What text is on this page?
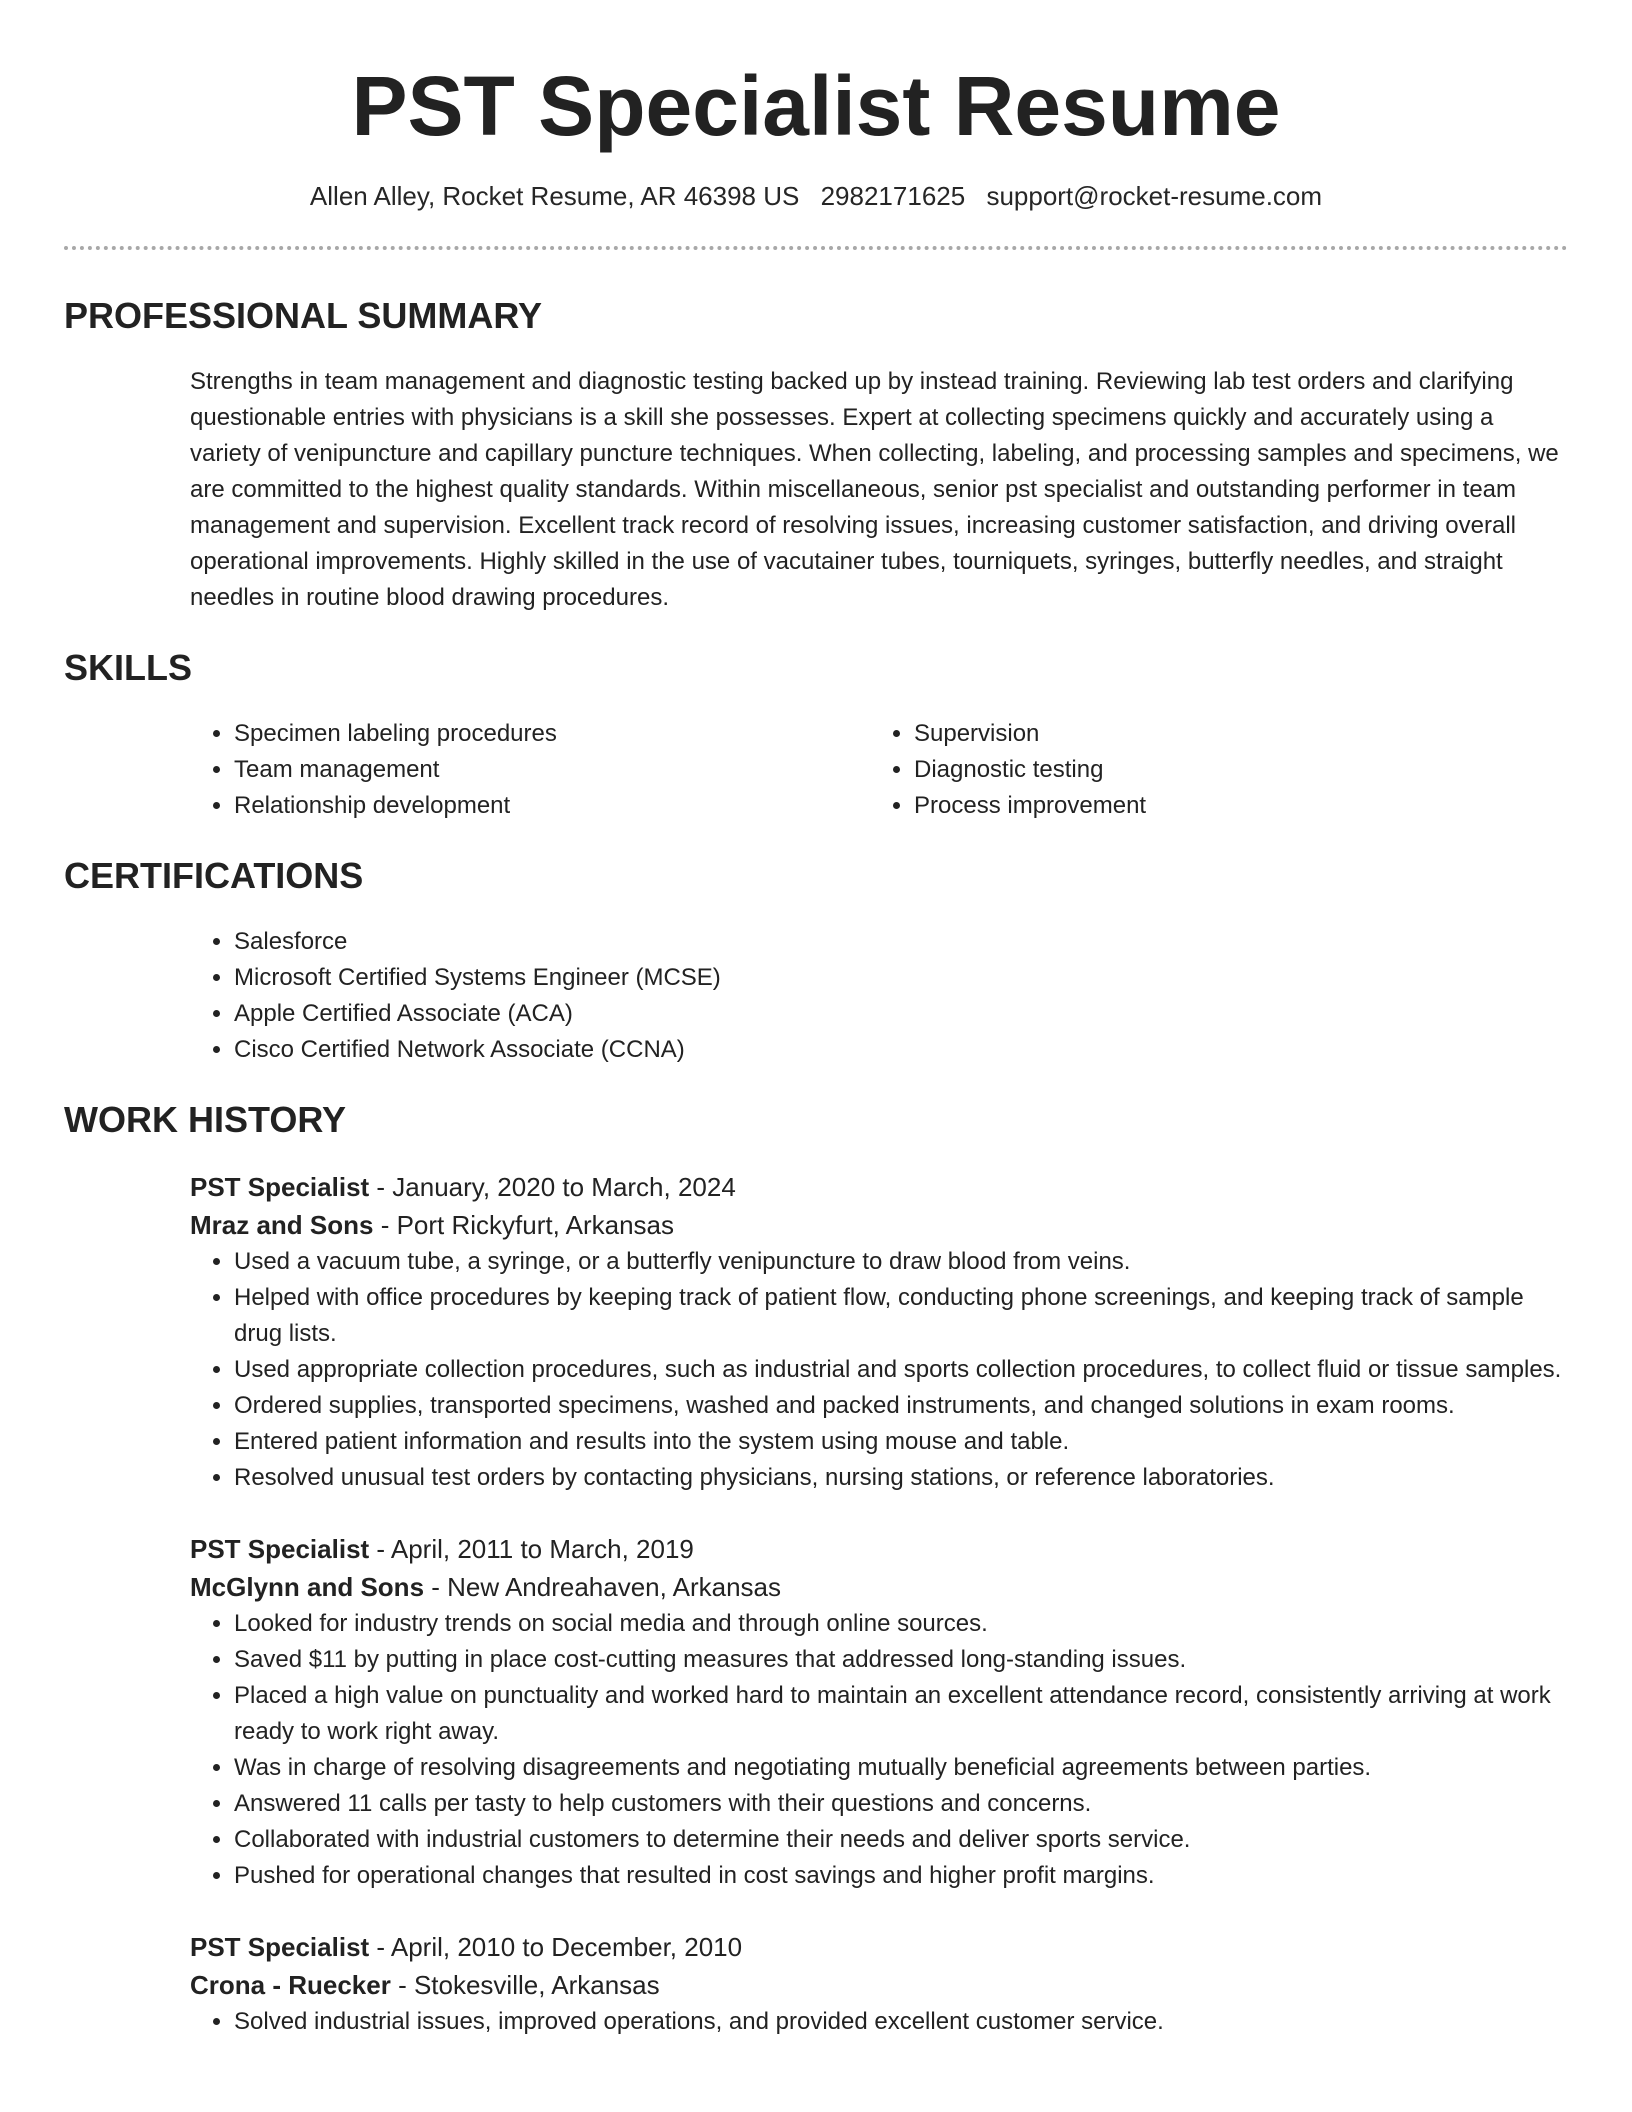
PST Specialist Resume
Allen Alley, Rocket Resume, AR 46398 US 2982171625 support@rocket-resume.com
PROFESSIONAL SUMMARY

Strengths in team management and diagnostic testing backed up by instead training. Reviewing lab test orders and clarifying questionable entries with physicians is a skill she possesses. Expert at collecting specimens quickly and accurately using a variety of venipuncture and capillary puncture techniques. When collecting, labeling, and processing samples and specimens, we are committed to the highest quality standards. Within miscellaneous, senior pst specialist and outstanding performer in team management and supervision. Excellent track record of resolving issues, increasing customer satisfaction, and driving overall operational improvements. Highly skilled in the use of vacutainer tubes, tourniquets, syringes, butterfly needles, and straight needles in routine blood drawing procedures.

SKILLS
• Specimen labeling procedures
• Team management
• Relationship development
• Supervision
• Diagnostic testing
• Process improvement
CERTIFICATIONS
• Salesforce
• Microsoft Certified Systems Engineer (MCSE)
• Apple Certified Associate (ACA)
• Cisco Certified Network Associate (CCNA)
WORK HISTORY
PST Specialist - January, 2020 to March, 2024
Mraz and Sons - Port Rickyfurt, Arkansas
• Used a vacuum tube, a syringe, or a butterfly venipuncture to draw blood from veins.
• Helped with office procedures by keeping track of patient flow, conducting phone screenings, and keeping track of sample drug lists.
• Used appropriate collection procedures, such as industrial and sports collection procedures, to collect fluid or tissue samples.
• Ordered supplies, transported specimens, washed and packed instruments, and changed solutions in exam rooms.
• Entered patient information and results into the system using mouse and table.
• Resolved unusual test orders by contacting physicians, nursing stations, or reference laboratories.
PST Specialist - April, 2011 to March, 2019
McGlynn and Sons - New Andreahaven, Arkansas
• Looked for industry trends on social media and through online sources.
• Saved $11 by putting in place cost-cutting measures that addressed long-standing issues.
• Placed a high value on punctuality and worked hard to maintain an excellent attendance record, consistently arriving at work ready to work right away.
• Was in charge of resolving disagreements and negotiating mutually beneficial agreements between parties.
• Answered 11 calls per tasty to help customers with their questions and concerns.
• Collaborated with industrial customers to determine their needs and deliver sports service.
• Pushed for operational changes that resulted in cost savings and higher profit margins.
PST Specialist - April, 2010 to December, 2010
Crona - Ruecker - Stokesville, Arkansas
• Solved industrial issues, improved operations, and provided excellent customer service.
